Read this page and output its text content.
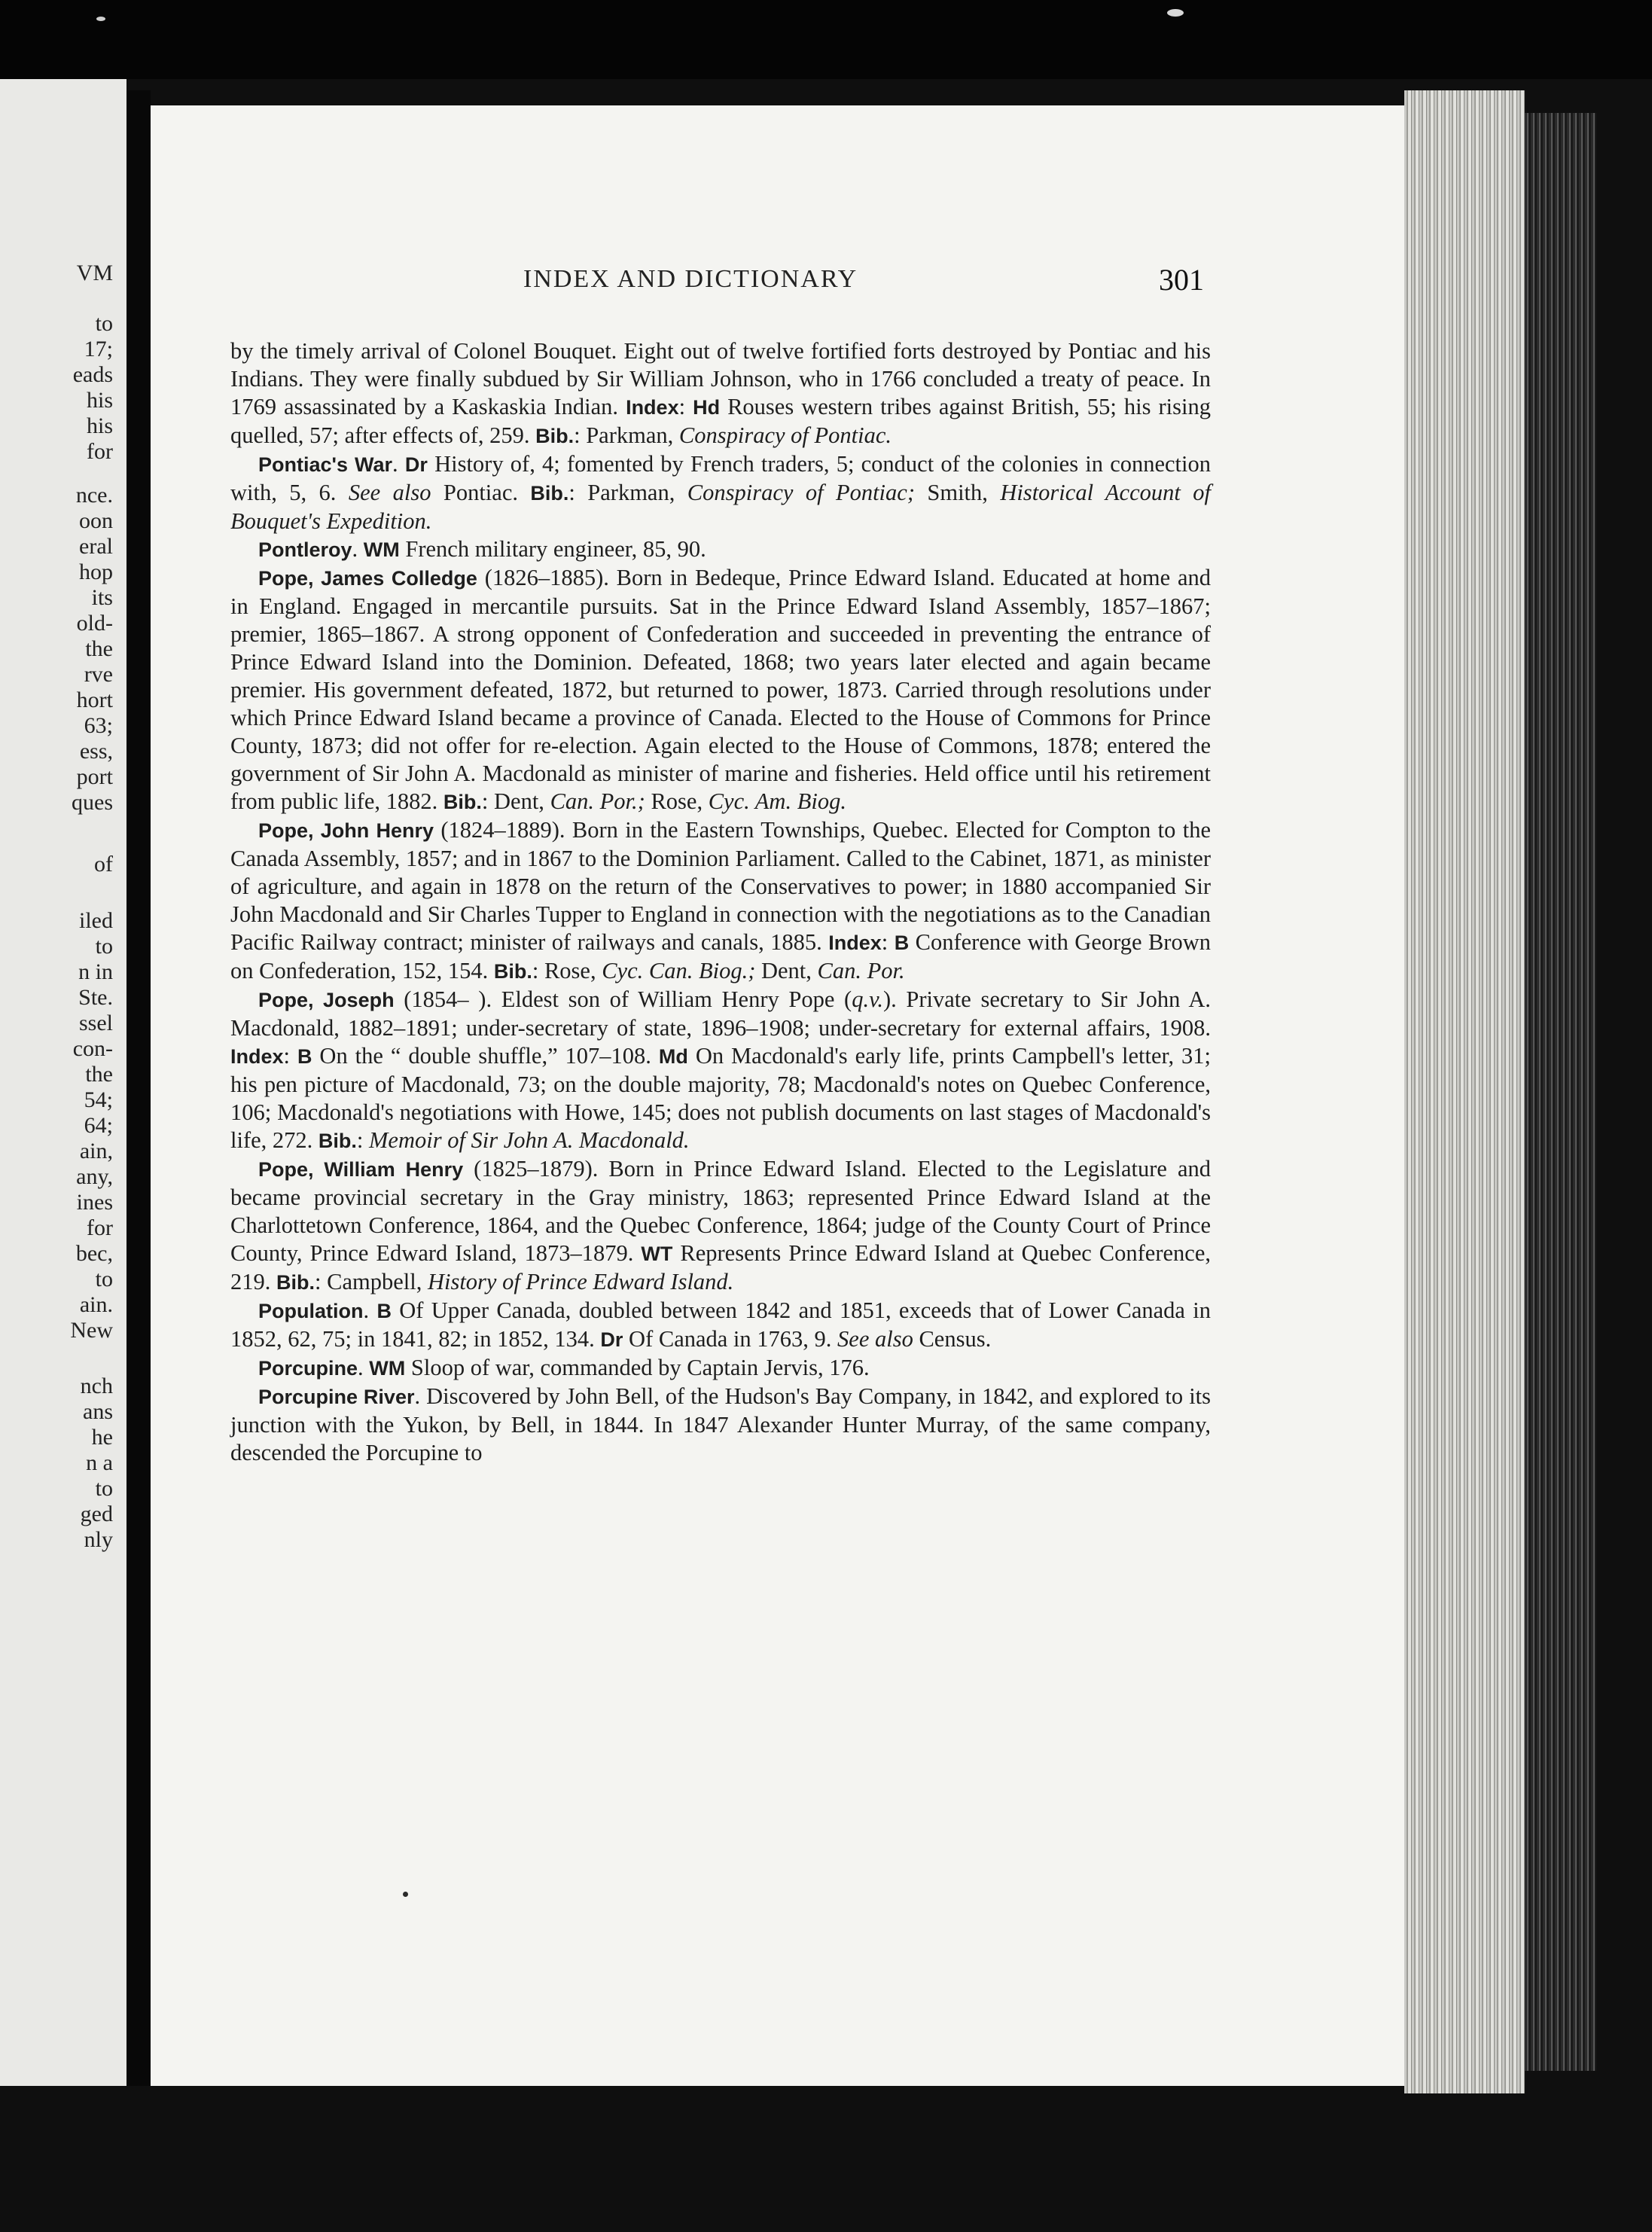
VM
to
17;
eads
his
his
for
nce.
oon
eral
hop
its
old-
the
rve
hort
63;
ess,
port
ques
of
iled
to
n in
Ste.
ssel
con-
the
54;
64;
ain,
any,
ines
for
bec,
to
ain.
New
nch
ans
he
n a
to
ged
nly
INDEX AND DICTIONARY	301

by the timely arrival of Colonel Bouquet. Eight out of twelve fortified forts destroyed by Pontiac and his Indians. They were finally subdued by Sir William Johnson, who in 1766 concluded a treaty of peace. In 1769 assassinated by a Kaskaskia Indian. Index: Hd Rouses western tribes against British, 55; his rising quelled, 57; after effects of, 259. Bib.: Parkman, Conspiracy of Pontiac.

Pontiac's War. Dr History of, 4; fomented by French traders, 5; conduct of the colonies in connection with, 5, 6. See also Pontiac. Bib.: Parkman, Conspiracy of Pontiac; Smith, Historical Account of Bouquet's Expedition.

Pontleroy. WM French military engineer, 85, 90.

Pope, James Colledge (1826–1885). Born in Bedeque, Prince Edward Island. Educated at home and in England. Engaged in mercantile pursuits. Sat in the Prince Edward Island Assembly, 1857–1867; premier, 1865–1867. A strong opponent of Confederation and succeeded in preventing the entrance of Prince Edward Island into the Dominion. Defeated, 1868; two years later elected and again became premier. His government defeated, 1872, but returned to power, 1873. Carried through resolutions under which Prince Edward Island became a province of Canada. Elected to the House of Commons for Prince County, 1873; did not offer for re-election. Again elected to the House of Commons, 1878; entered the government of Sir John A. Macdonald as minister of marine and fisheries. Held office until his retirement from public life, 1882. Bib.: Dent, Can. Por.; Rose, Cyc. Am. Biog.

Pope, John Henry (1824–1889). Born in the Eastern Townships, Quebec. Elected for Compton to the Canada Assembly, 1857; and in 1867 to the Dominion Parliament. Called to the Cabinet, 1871, as minister of agriculture, and again in 1878 on the return of the Conservatives to power; in 1880 accompanied Sir John Macdonald and Sir Charles Tupper to England in connection with the negotiations as to the Canadian Pacific Railway contract; minister of railways and canals, 1885. Index: B Conference with George Brown on Confederation, 152, 154. Bib.: Rose, Cyc. Can. Biog.; Dent, Can. Por.

Pope, Joseph (1854– ). Eldest son of William Henry Pope (q.v.). Private secretary to Sir John A. Macdonald, 1882–1891; under-secretary of state, 1896–1908; under-secretary for external affairs, 1908. Index: B On the “ double shuffle,” 107–108. Md On Macdonald's early life, prints Campbell's letter, 31; his pen picture of Macdonald, 73; on the double majority, 78; Macdonald's notes on Quebec Conference, 106; Macdonald's negotiations with Howe, 145; does not publish documents on last stages of Macdonald's life, 272. Bib.: Memoir of Sir John A. Macdonald.

Pope, William Henry (1825–1879). Born in Prince Edward Island. Elected to the Legislature and became provincial secretary in the Gray ministry, 1863; represented Prince Edward Island at the Charlottetown Conference, 1864, and the Quebec Conference, 1864; judge of the County Court of Prince County, Prince Edward Island, 1873–1879. WT Represents Prince Edward Island at Quebec Conference, 219. Bib.: Campbell, History of Prince Edward Island.

Population. B Of Upper Canada, doubled between 1842 and 1851, exceeds that of Lower Canada in 1852, 62, 75; in 1841, 82; in 1852, 134. Dr Of Canada in 1763, 9. See also Census.

Porcupine. WM Sloop of war, commanded by Captain Jervis, 176.

Porcupine River. Discovered by John Bell, of the Hudson's Bay Company, in 1842, and explored to its junction with the Yukon, by Bell, in 1844. In 1847 Alexander Hunter Murray, of the same company, descended the Porcupine to
